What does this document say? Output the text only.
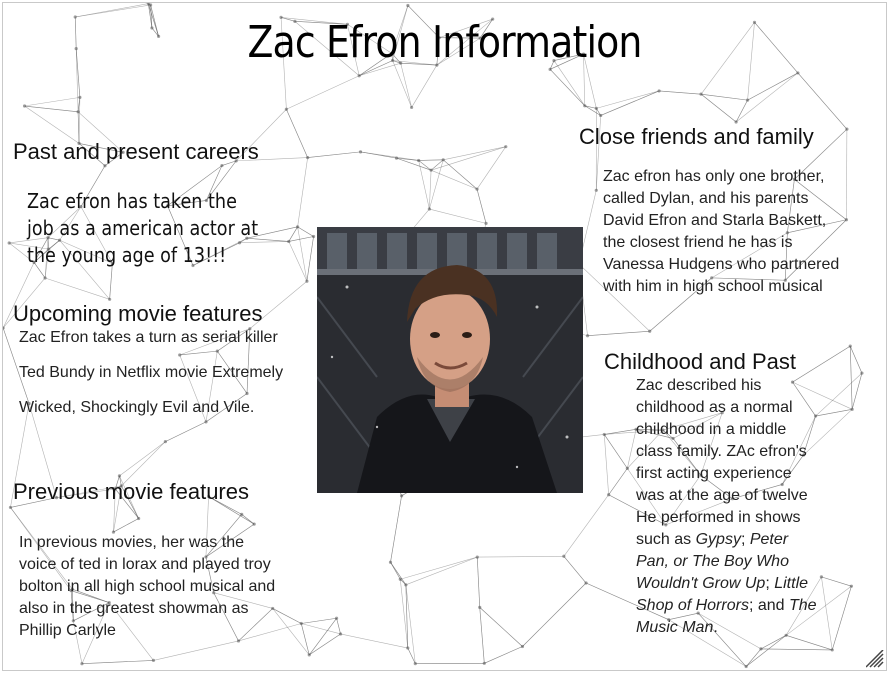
Zac Efron Information
Past and present careers
Zac efron has taken the job as a american actor at the young age of 13!!!
Upcoming movie features
Zac Efron takes a turn as serial killer Ted Bundy in Netflix movie Extremely Wicked, Shockingly Evil and Vile.
Previous movie features
In previous movies, her was the voice of ted in lorax and played troy bolton in all high school musical and also in the greatest showman as Phillip Carlyle
Close friends and family
Zac efron has only one brother, called Dylan, and his parents David Efron and Starla Baskett, the closest friend he has is Vanessa Hudgens who partnered with him in high school musical
Childhood and Past
Zac described his childhood as a normal childhood in a middle class family. ZAc efron's first acting experience was at the age of twelve He performed in shows such as Gypsy; Peter Pan, or The Boy Who Wouldn't Grow Up; Little Shop of Horrors; and The Music Man.
